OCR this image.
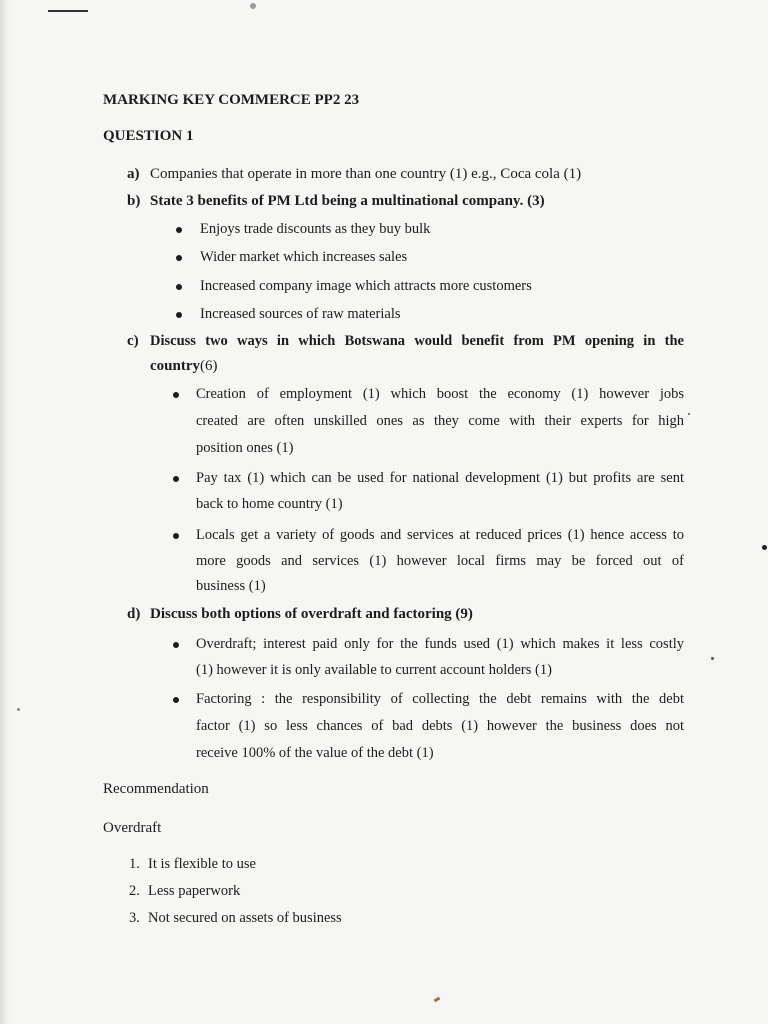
MARKING KEY COMMERCE PP2 23
QUESTION 1
a) Companies that operate in more than one country (1) e.g., Coca cola (1)
b) State 3 benefits of PM Ltd being a multinational company. (3)
Enjoys trade discounts as they buy bulk
Wider market which increases sales
Increased company image which attracts more customers
Increased sources of raw materials
c) Discuss two ways in which Botswana would benefit from PM opening in the
country(6)
Creation of employment (1) which boost the economy (1) however jobs
created are often unskilled ones as they come with their experts for high
position ones (1)
Pay tax (1) which can be used for national development (1) but profits are sent
back to home country (1)
Locals get a variety of goods and services at reduced prices (1) hence access to
more goods and services (1) however local firms may be forced out of
business (1)
d) Discuss both options of overdraft and factoring (9)
Overdraft; interest paid only for the funds used (1) which makes it less costly
(1) however it is only available to current account holders (1)
Factoring : the responsibility of collecting the debt remains with the debt
factor (1) so less chances of bad debts (1) however the business does not
receive 100% of the value of the debt (1)
Recommendation
Overdraft
1. It is flexible to use
2. Less paperwork
3. Not secured on assets of business
